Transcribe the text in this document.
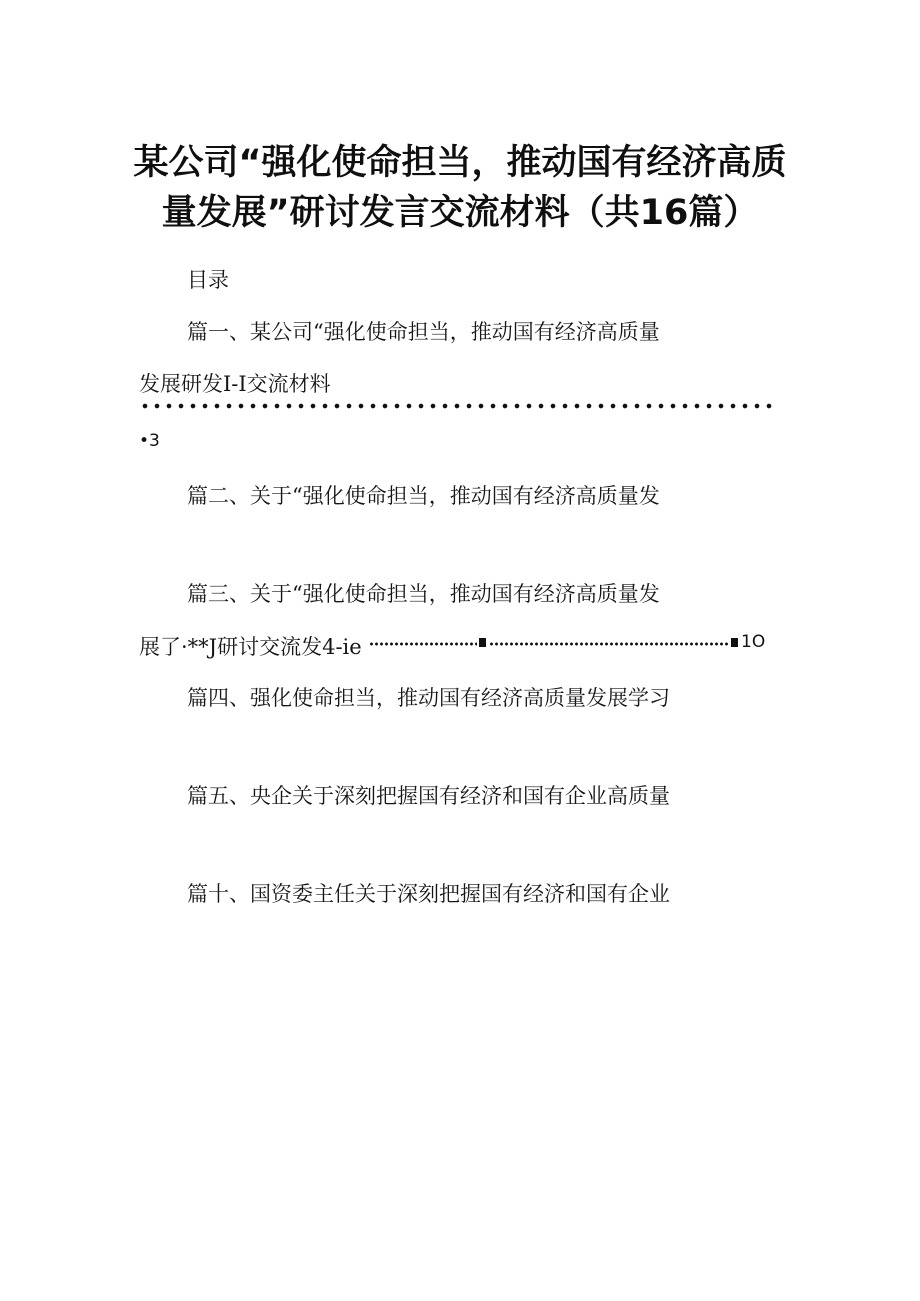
某公司“强化使命担当，推动国有经济高质
量发展”研讨发言交流材料（共16篇）
目录
篇一、某公司“强化使命担当，推动国有经济高质量
发展研发I-I交流材料
•3
篇二、关于“强化使命担当，推动国有经济高质量发
篇三、关于“强化使命担当，推动国有经济高质量发
展了·**J研讨交流发4-ie	1O
篇四、强化使命担当，推动国有经济高质量发展学习
篇五、央企关于深刻把握国有经济和国有企业高质量
篇十、国资委主任关于深刻把握国有经济和国有企业
